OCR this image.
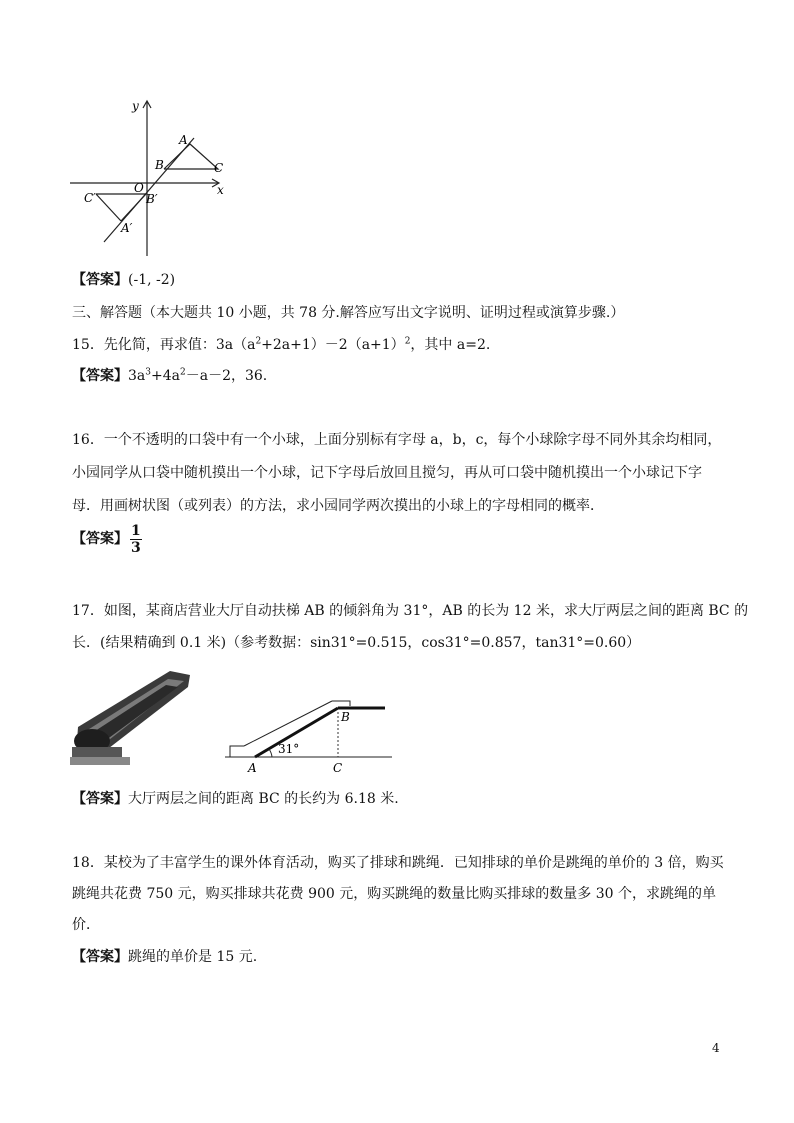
y
x
O
A
B	C
C′	B′
A′
【答案】(-1, -2)
三、解答题（本大题共 10 小题，共 78 分.解答应写出文字说明、证明过程或演算步骤.）
15．先化简，再求值：$3a(a^2+2a+1)-2(a+1)^2$，其中 a=2.
【答案】$3a^3+4a^2-a-2$，36.
16．一个不透明的口袋中有一个小球，上面分别标有字母 a，b，c，每个小球除字母不同外其余均相同，
小园同学从口袋中随机摸出一个小球，记下字母后放回且搅匀，再从可口袋中随机摸出一个小球记下字
母．用画树状图（或列表）的方法，求小园同学两次摸出的小球上的字母相同的概率．
【答案】 $\frac{1}{3}$
17．如图，某商店营业大厅自动扶梯 AB 的倾斜角为 31°，AB 的长为 12 米，求大厅两层之间的距离 BC 的
长．(结果精确到 0.1 米)（参考数据：sin31°=0.515，cos31°=0.857，tan31°=0.60）
31°
A
B
C
【答案】大厅两层之间的距离 BC 的长约为 6.18 米.
18．某校为了丰富学生的课外体育活动，购买了排球和跳绳．已知排球的单价是跳绳的单价的 3 倍，购买
跳绳共花费 750 元，购买排球共花费 900 元，购买跳绳的数量比购买排球的数量多 30 个，求跳绳的单
价．
【答案】跳绳的单价是 15 元.
4
